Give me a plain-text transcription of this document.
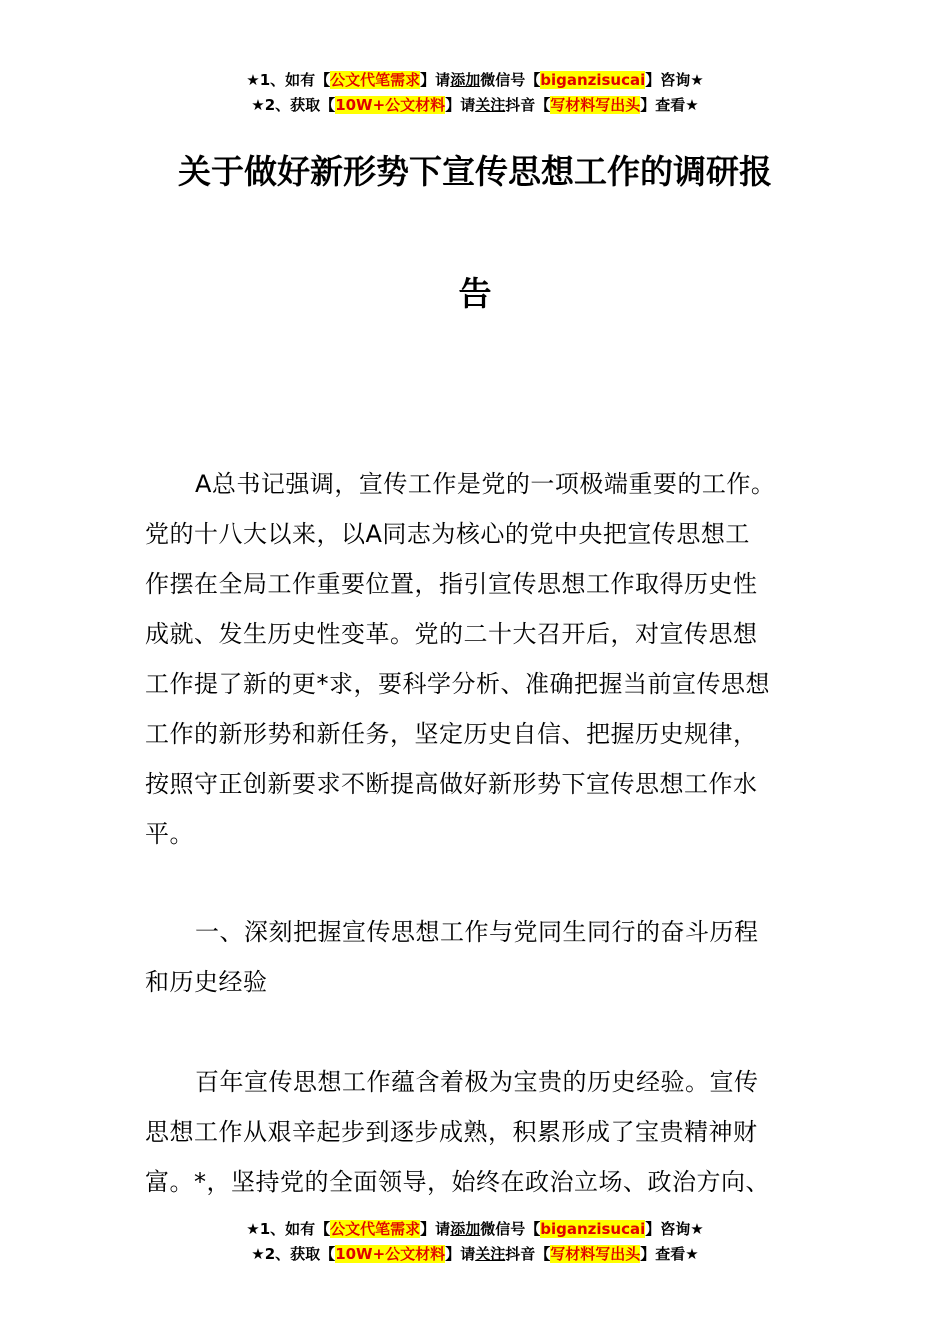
★1、如有【公文代笔需求】请添加微信号【biganzisucai】咨询★
★2、获取【10W+公文材料】请关注抖音【写材料写出头】查看★
关于做好新形势下宣传思想工作的调研报
告
A总书记强调，宣传工作是党的一项极端重要的工作。
党的十八大以来，以A同志为核心的党中央把宣传思想工
作摆在全局工作重要位置，指引宣传思想工作取得历史性
成就、发生历史性变革。党的二十大召开后，对宣传思想
工作提了新的更*求，要科学分析、准确把握当前宣传思想
工作的新形势和新任务，坚定历史自信、把握历史规律，
按照守正创新要求不断提高做好新形势下宣传思想工作水
平。
一、深刻把握宣传思想工作与党同生同行的奋斗历程
和历史经验
百年宣传思想工作蕴含着极为宝贵的历史经验。宣传
思想工作从艰辛起步到逐步成熟，积累形成了宝贵精神财
富。*，坚持党的全面领导，始终在政治立场、政治方向、
★1、如有【公文代笔需求】请添加微信号【biganzisucai】咨询★
★2、获取【10W+公文材料】请关注抖音【写材料写出头】查看★
